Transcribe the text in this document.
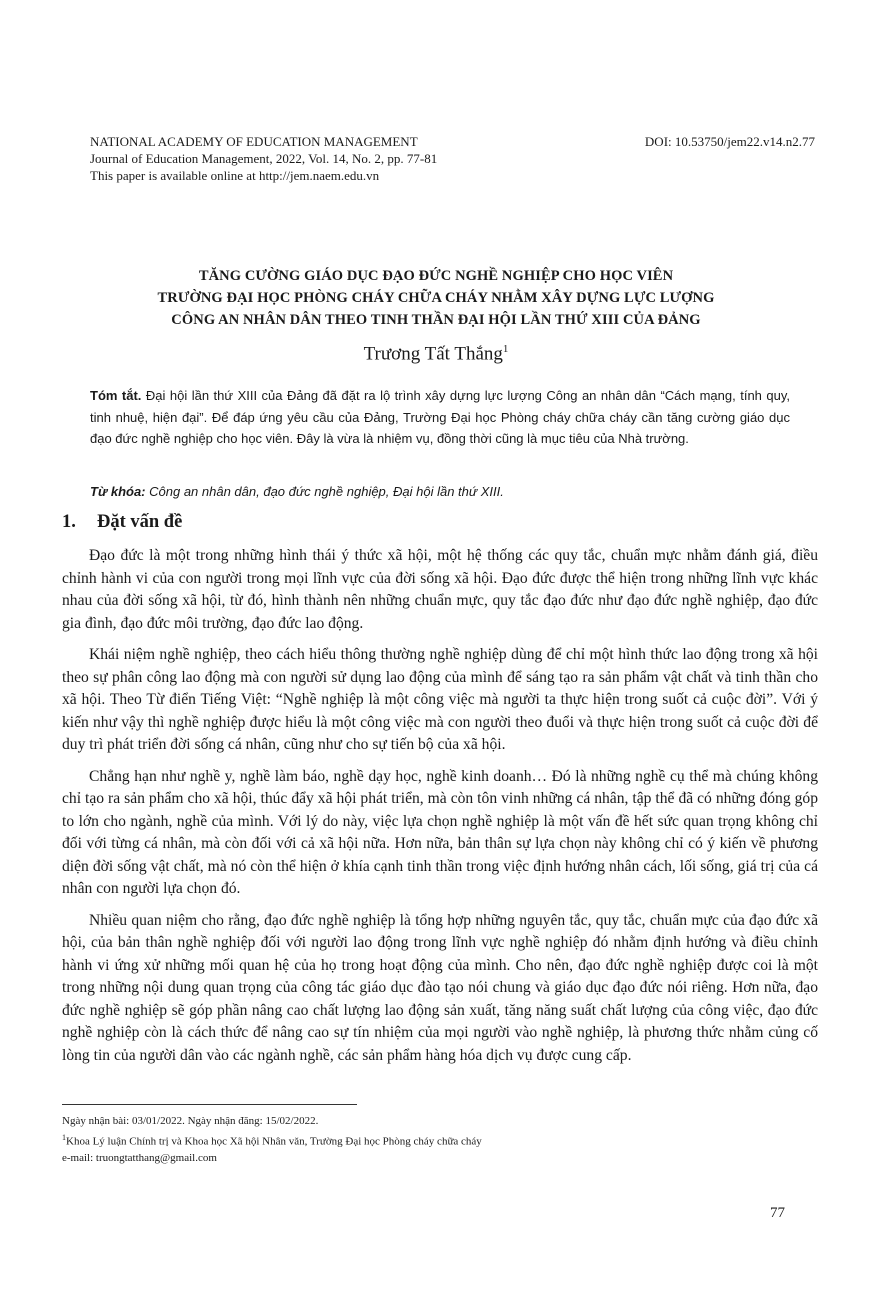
NATIONAL ACADEMY OF EDUCATION MANAGEMENT	DOI: 10.53750/jem22.v14.n2.77
Journal of Education Management, 2022, Vol. 14, No. 2, pp. 77-81
This paper is available online at http://jem.naem.edu.vn
TĂNG CƯỜNG GIÁO DỤC ĐẠO ĐỨC NGHỀ NGHIỆP CHO HỌC VIÊN
TRƯỜNG ĐẠI HỌC PHÒNG CHÁY CHỮA CHÁY NHẰM XÂY DỰNG LỰC LƯỢNG
CÔNG AN NHÂN DÂN THEO TINH THẦN ĐẠI HỘI LẦN THỨ XIII CỦA ĐẢNG
Trương Tất Thắng$^1$
Tóm tắt. Đại hội lần thứ XIII của Đảng đã đặt ra lộ trình xây dựng lực lượng Công an nhân dân “Cách mạng, tính quy, tinh nhuệ, hiện đại”. Để đáp ứng yêu cầu của Đảng, Trường Đại học Phòng cháy chữa cháy cần tăng cường giáo dục đạo đức nghề nghiệp cho học viên. Đây là vừa là nhiệm vụ, đồng thời cũng là mục tiêu của Nhà trường.
Từ khóa: Công an nhân dân, đạo đức nghề nghiệp, Đại hội lần thứ XIII.
1. Đặt vấn đề

Đạo đức là một trong những hình thái ý thức xã hội, một hệ thống các quy tắc, chuẩn mực nhằm đánh giá, điều chỉnh hành vi của con người trong mọi lĩnh vực của đời sống xã hội. Đạo đức được thể hiện trong những lĩnh vực khác nhau của đời sống xã hội, từ đó, hình thành nên những chuẩn mực, quy tắc đạo đức như đạo đức nghề nghiệp, đạo đức gia đình, đạo đức môi trường, đạo đức lao động.

Khái niệm nghề nghiệp, theo cách hiểu thông thường nghề nghiệp dùng để chỉ một hình thức lao động trong xã hội theo sự phân công lao động mà con người sử dụng lao động của mình để sáng tạo ra sản phẩm vật chất và tinh thần cho xã hội. Theo Từ điển Tiếng Việt: “Nghề nghiệp là một công việc mà người ta thực hiện trong suốt cả cuộc đời”. Với ý kiến như vậy thì nghề nghiệp được hiểu là một công việc mà con người theo đuổi và thực hiện trong suốt cả cuộc đời để duy trì phát triển đời sống cá nhân, cũng như cho sự tiến bộ của xã hội.

Chẳng hạn như nghề y, nghề làm báo, nghề dạy học, nghề kinh doanh… Đó là những nghề cụ thể mà chúng không chỉ tạo ra sản phẩm cho xã hội, thúc đẩy xã hội phát triển, mà còn tôn vinh những cá nhân, tập thể đã có những đóng góp to lớn cho ngành, nghề của mình. Với lý do này, việc lựa chọn nghề nghiệp là một vấn đề hết sức quan trọng không chỉ đối với từng cá nhân, mà còn đối với cả xã hội nữa. Hơn nữa, bản thân sự lựa chọn này không chỉ có ý kiến về phương diện đời sống vật chất, mà nó còn thể hiện ở khía cạnh tinh thần trong việc định hướng nhân cách, lối sống, giá trị của cá nhân con người lựa chọn đó.

Nhiều quan niệm cho rằng, đạo đức nghề nghiệp là tổng hợp những nguyên tắc, quy tắc, chuẩn mực của đạo đức xã hội, của bản thân nghề nghiệp đối với người lao động trong lĩnh vực nghề nghiệp đó nhằm định hướng và điều chỉnh hành vi ứng xử những mối quan hệ của họ trong hoạt động của mình. Cho nên, đạo đức nghề nghiệp được coi là một trong những nội dung quan trọng của công tác giáo dục đào tạo nói chung và giáo dục đạo đức nói riêng. Hơn nữa, đạo đức nghề nghiệp sẽ góp phần nâng cao chất lượng lao động sản xuất, tăng năng suất chất lượng của công việc, đạo đức nghề nghiệp còn là cách thức để nâng cao sự tín nhiệm của mọi người vào nghề nghiệp, là phương thức nhằm củng cố lòng tin của người dân vào các ngành nghề, các sản phẩm hàng hóa dịch vụ được cung cấp.

Ngày nhận bài: 03/01/2022. Ngày nhận đăng: 15/02/2022.
$^1$Khoa Lý luận Chính trị và Khoa học Xã hội Nhân văn, Trường Đại học Phòng cháy chữa cháy
e-mail: truongtatthang@gmail.com
77
